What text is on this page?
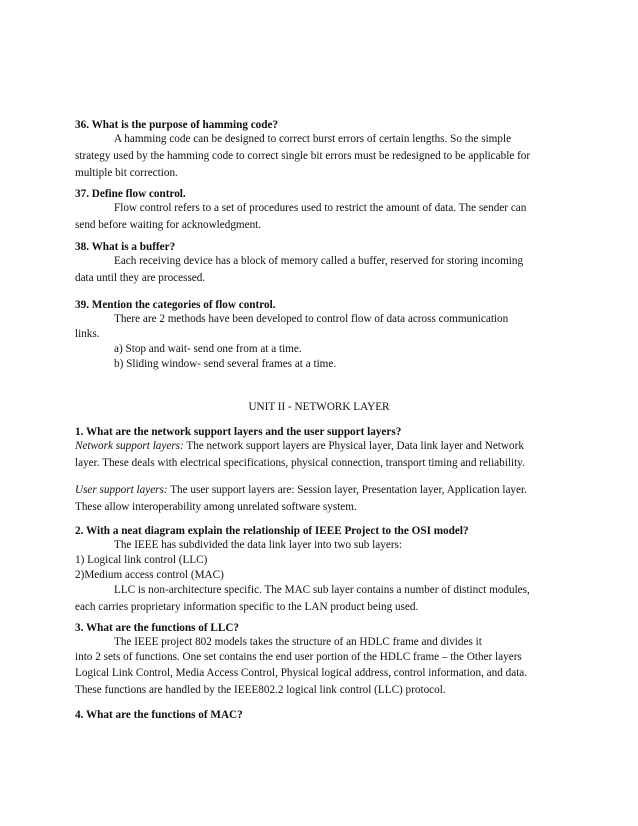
36. What is the purpose of hamming code?
A hamming code can be designed to correct burst errors of certain lengths. So the simple
strategy used by the hamming code to correct single bit errors must be redesigned to be applicable for
multiple bit correction.
37. Define flow control.
Flow control refers to a set of procedures used to restrict the amount of data. The sender can
send before waiting for acknowledgment.
38. What is a buffer?
Each receiving device has a block of memory called a buffer, reserved for storing incoming
data until they are processed.
39. Mention the categories of flow control.
There are 2 methods have been developed to control flow of data across communication
links.
a) Stop and wait- send one from at a time.
b) Sliding window- send several frames at a time.
UNIT II - NETWORK LAYER
1. What are the network support layers and the user support layers?
Network support layers: The network support layers are Physical layer, Data link layer and Network
layer. These deals with electrical specifications, physical connection, transport timing and reliability.
User support layers: The user support layers are: Session layer, Presentation layer, Application layer.
These allow interoperability among unrelated software system.
2. With a neat diagram explain the relationship of IEEE Project to the OSI model?
The IEEE has subdivided the data link layer into two sub layers:
1) Logical link control (LLC)
2)Medium access control (MAC)
LLC is non-architecture specific. The MAC sub layer contains a number of distinct modules,
each carries proprietary information specific to the LAN product being used.
3. What are the functions of LLC?
The IEEE project 802 models takes the structure of an HDLC frame and divides it
into 2 sets of functions. One set contains the end user portion of the HDLC frame – the Other layers
Logical Link Control, Media Access Control, Physical logical address, control information, and data.
These functions are handled by the IEEE802.2 logical link control (LLC) protocol.
4. What are the functions of MAC?
